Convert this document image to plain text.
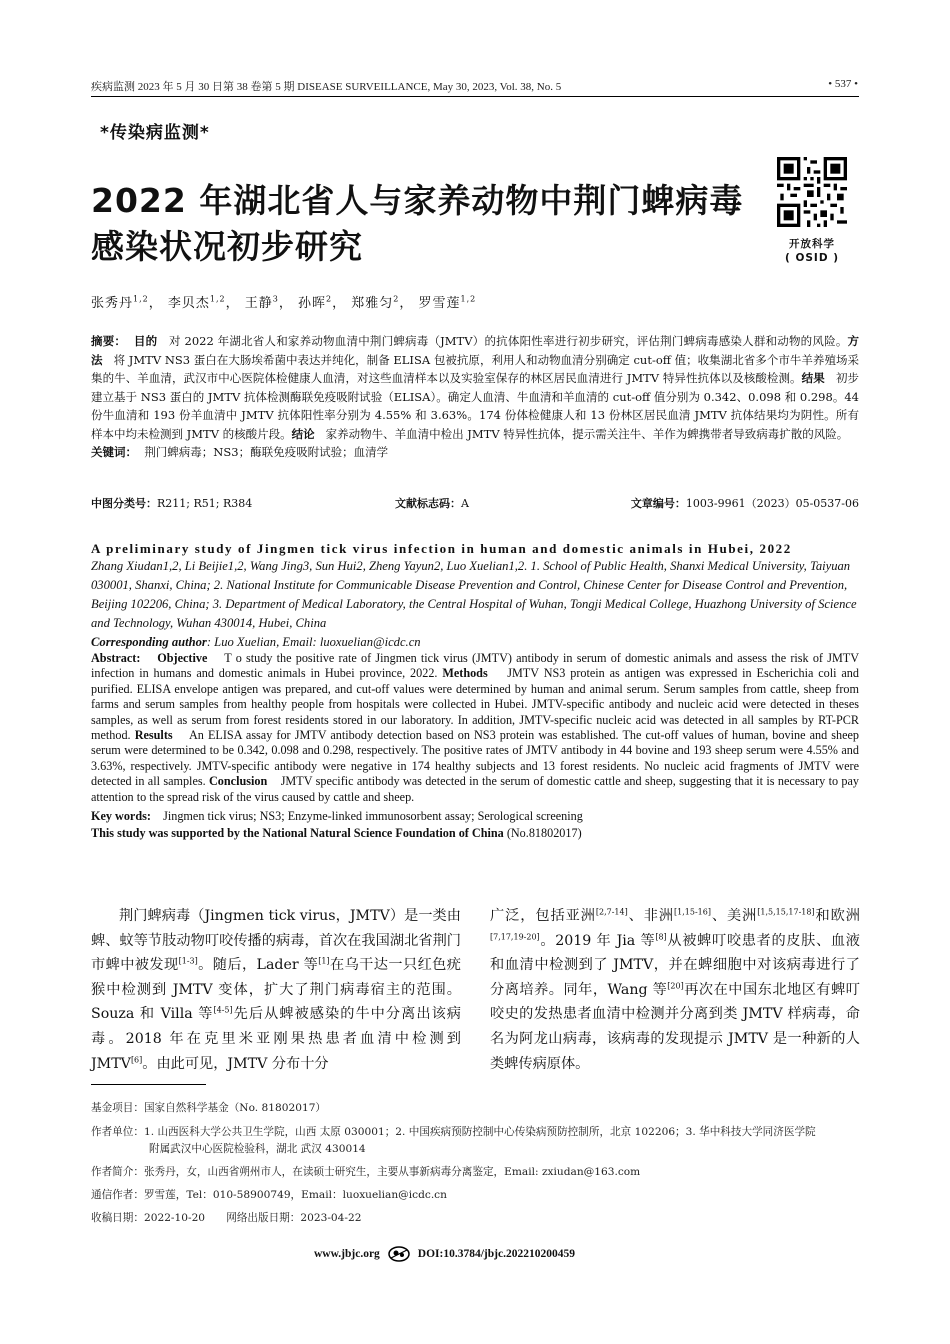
疾病监测 2023 年 5 月 30 日第 38 卷第 5 期 DISEASE SURVEILLANCE, May 30, 2023, Vol. 38, No. 5	• 537 •
*传染病监测*
2022 年湖北省人与家养动物中荆门蜱病毒
感染状况初步研究	开放科学
( OSID )
张秀丹$^{1,2}$， 李贝杰$^{1,2}$， 王静$^3$， 孙晖$^2$， 郑雅匀$^2$， 罗雪莲$^{1,2}$
摘要： 目的 对 2022 年湖北省人和家养动物血清中荆门蜱病毒（JMTV）的抗体阳性率进行初步研究，评估荆门蜱病毒感染人群和动物的风险。方法 将 JMTV NS3 蛋白在大肠埃希菌中表达并纯化，制备 ELISA 包被抗原，利用人和动物血清分别确定 cut-off 值；收集湖北省多个市牛羊养殖场采集的牛、羊血清，武汉市中心医院体检健康人血清，对这些血清样本以及实验室保存的林区居民血清进行 JMTV 特异性抗体以及核酸检测。结果 初步建立基于 NS3 蛋白的 JMTV 抗体检测酶联免疫吸附试验（ELISA）。确定人血清、牛血清和羊血清的 cut-off 值分别为 0.342、0.098 和 0.298。44 份牛血清和 193 份羊血清中 JMTV 抗体阳性率分别为 4.55% 和 3.63%。174 份体检健康人和 13 份林区居民血清 JMTV 抗体结果均为阴性。所有样本中均未检测到 JMTV 的核酸片段。结论 家养动物牛、羊血清中检出 JMTV 特异性抗体，提示需关注牛、羊作为蜱携带者导致病毒扩散的风险。
关键词： 荆门蜱病毒；NS3；酶联免疫吸附试验；血清学
中图分类号：R211; R51; R384	文献标志码：A	文章编号：1003-9961（2023）05-0537-06
A preliminary study of Jingmen tick virus infection in human and domestic animals in Hubei, 2022
Zhang Xiudan1,2, Li Beijie1,2, Wang Jing3, Sun Hui2, Zheng Yayun2, Luo Xuelian1,2. 1. School of Public Health, Shanxi Medical University, Taiyuan 030001, Shanxi, China; 2. National Institute for Communicable Disease Prevention and Control, Chinese Center for Disease Control and Prevention, Beijing 102206, China; 3. Department of Medical Laboratory, the Central Hospital of Wuhan, Tongji Medical College, Huazhong University of Science and Technology, Wuhan 430014, Hubei, China
Corresponding author: Luo Xuelian, Email: luoxuelian@icdc.cn
Abstract: Objective T o study the positive rate of Jingmen tick virus (JMTV) antibody in serum of domestic animals and assess the risk of JMTV infection in humans and domestic animals in Hubei province, 2022. Methods JMTV NS3 protein as antigen was expressed in Escherichia coli and purified. ELISA envelope antigen was prepared, and cut-off values were determined by human and animal serum. Serum samples from cattle, sheep from farms and serum samples from healthy people from hospitals were collected in Hubei. JMTV-specific antibody and nucleic acid were detected in theses samples, as well as serum from forest residents stored in our laboratory. In addition, JMTV-specific nucleic acid was detected in all samples by RT-PCR method. Results An ELISA assay for JMTV antibody detection based on NS3 protein was established. The cut-off values of human, bovine and sheep serum were determined to be 0.342, 0.098 and 0.298, respectively. The positive rates of JMTV antibody in 44 bovine and 193 sheep serum were 4.55% and 3.63%, respectively. JMTV-specific antibody were negative in 174 healthy subjects and 13 forest residents. No nucleic acid fragments of JMTV were detected in all samples. Conclusion JMTV specific antibody was detected in the serum of domestic cattle and sheep, suggesting that it is necessary to pay attention to the spread risk of the virus caused by cattle and sheep.
Key words: Jingmen tick virus; NS3; Enzyme-linked immunosorbent assay; Serological screening
This study was supported by the National Natural Science Foundation of China (No.81802017)
荆门蜱病毒（Jingmen tick virus，JMTV）是一类由蜱、蚊等节肢动物叮咬传播的病毒，首次在我国湖北省荆门市蜱中被发现[1-3]。随后，Lader 等[1]在乌干达一只红色疣猴中检测到 JMTV 变体，扩大了荆门病毒宿主的范围。Souza 和 Villa 等[4-5]先后从蜱被感染的牛中分离出该病毒。2018 年在克里米亚刚果热患者血清中检测到 JMTV[6]。由此可见，JMTV 分布十分
广泛，包括亚洲[2,7-14]、非洲[1,15-16]、美洲[1,5,15,17-18]和欧洲[7,17,19-20]。2019 年 Jia 等[8]从被蜱叮咬患者的皮肤、血液和血清中检测到了 JMTV，并在蜱细胞中对该病毒进行了分离培养。同年，Wang 等[20]再次在中国东北地区有蜱叮咬史的发热患者血清中检测并分离到类 JMTV 样病毒，命名为阿龙山病毒，该病毒的发现提示 JMTV 是一种新的人类蜱传病原体。
基金项目：国家自然科学基金（No. 81802017）
作者单位：1. 山西医科大学公共卫生学院，山西 太原 030001；2. 中国疾病预防控制中心传染病预防控制所，北京 102206；3. 华中科技大学同济医学院
附属武汉中心医院检验科，湖北 武汉 430014
作者简介：张秀丹，女，山西省朔州市人，在读硕士研究生，主要从事新病毒分离鉴定，Email: zxiudan@163.com
通信作者：罗雪莲，Tel：010-58900749，Email：luoxuelian@icdc.cn
收稿日期：2022-10-20　　网络出版日期：2023-04-22
www.jbjc.org	DOI:10.3784/jbjc.202210200459
